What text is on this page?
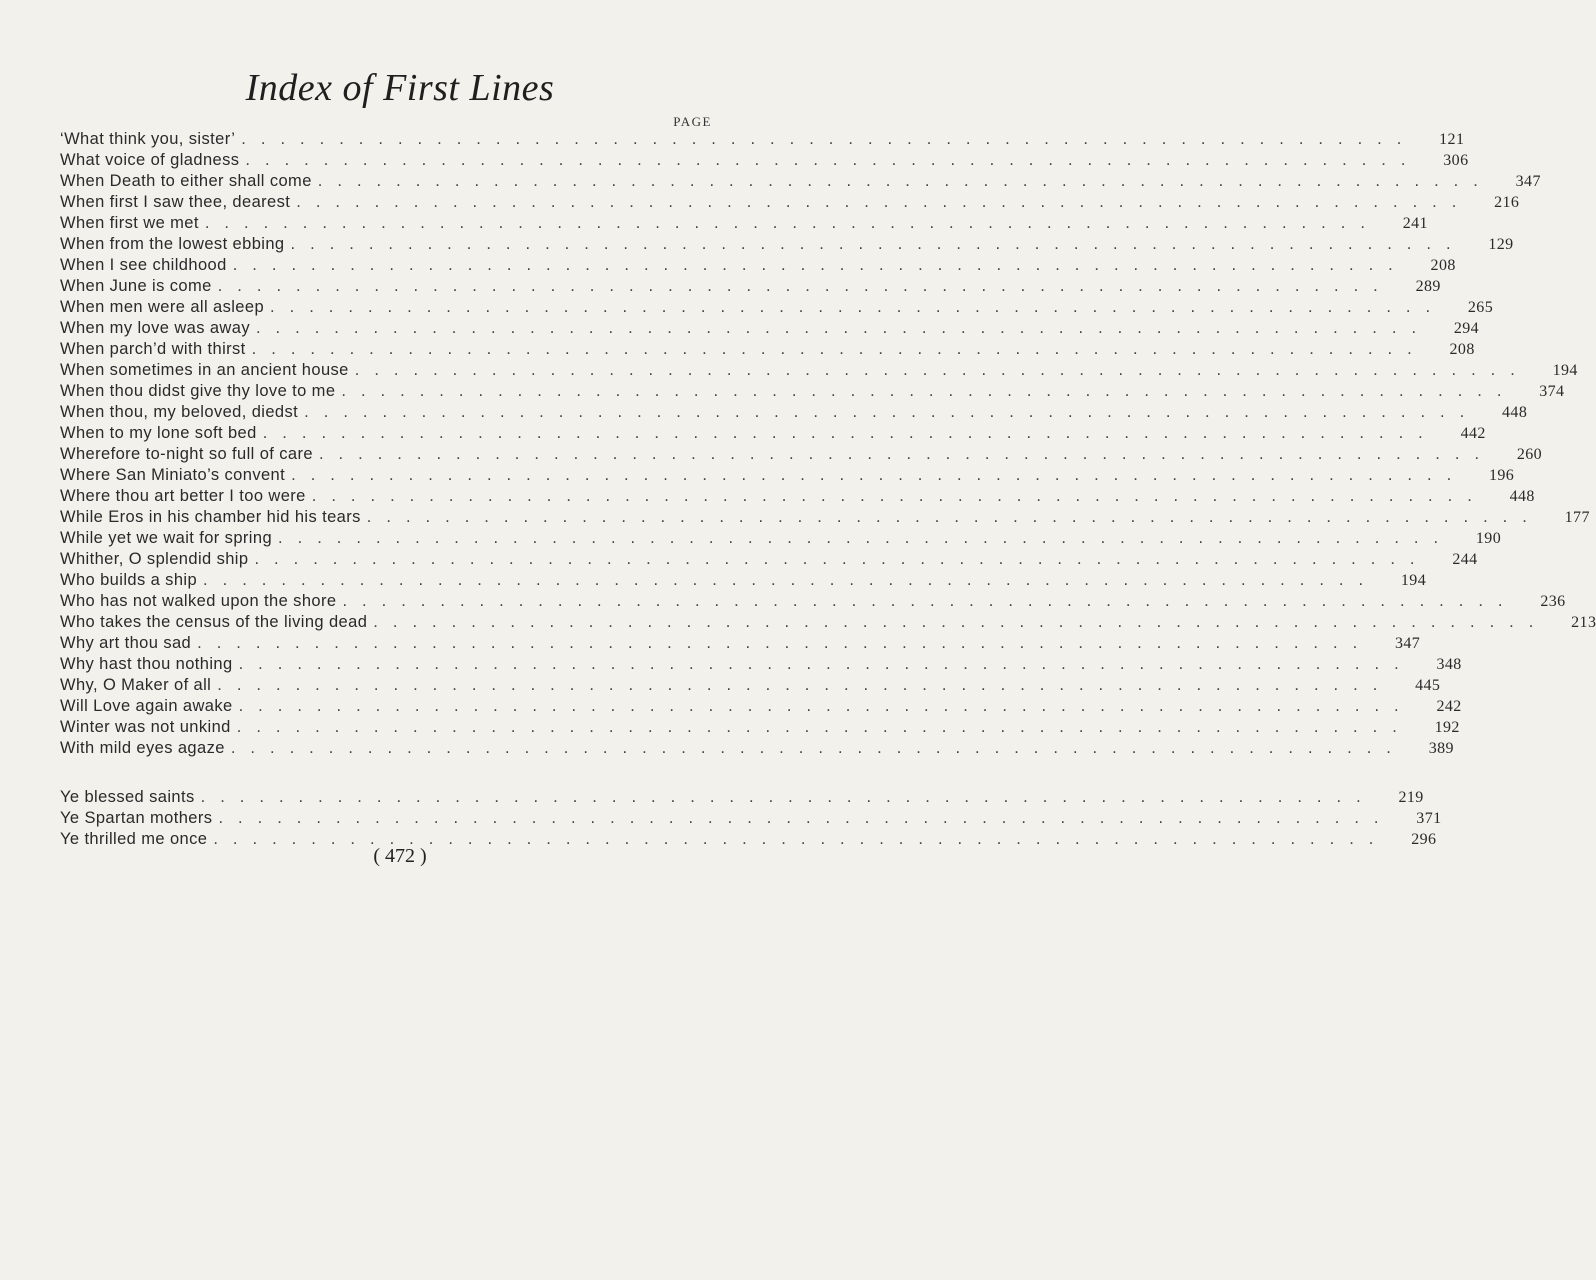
Index of First Lines
PAGE
‘What think you, sister’ ............................................................	121
What voice of gladness ............................................................	306
When Death to either shall come ............................................................	347
When first I saw thee, dearest ............................................................	216
When first we met ............................................................	241
When from the lowest ebbing ............................................................	129
When I see childhood ............................................................	208
When June is come ............................................................	289
When men were all asleep ............................................................	265
When my love was away ............................................................	294
When parch’d with thirst ............................................................	208
When sometimes in an ancient house ............................................................	194
When thou didst give thy love to me ............................................................	374
When thou, my beloved, diedst ............................................................	448
When to my lone soft bed ............................................................	442
Wherefore to-night so full of care ............................................................	260
Where San Miniato’s convent ............................................................	196
Where thou art better I too were ............................................................	448
While Eros in his chamber hid his tears ............................................................	177
While yet we wait for spring ............................................................	190
Whither, O splendid ship ............................................................	244
Who builds a ship ............................................................	194
Who has not walked upon the shore ............................................................	236
Who takes the census of the living dead ............................................................	213
Why art thou sad ............................................................	347
Why hast thou nothing ............................................................	348
Why, O Maker of all ............................................................	445
Will Love again awake ............................................................	242
Winter was not unkind ............................................................	192
With mild eyes agaze ............................................................	389
Ye blessed saints ............................................................	219
Ye Spartan mothers ............................................................	371
Ye thrilled me once ............................................................	296
( 472 )
